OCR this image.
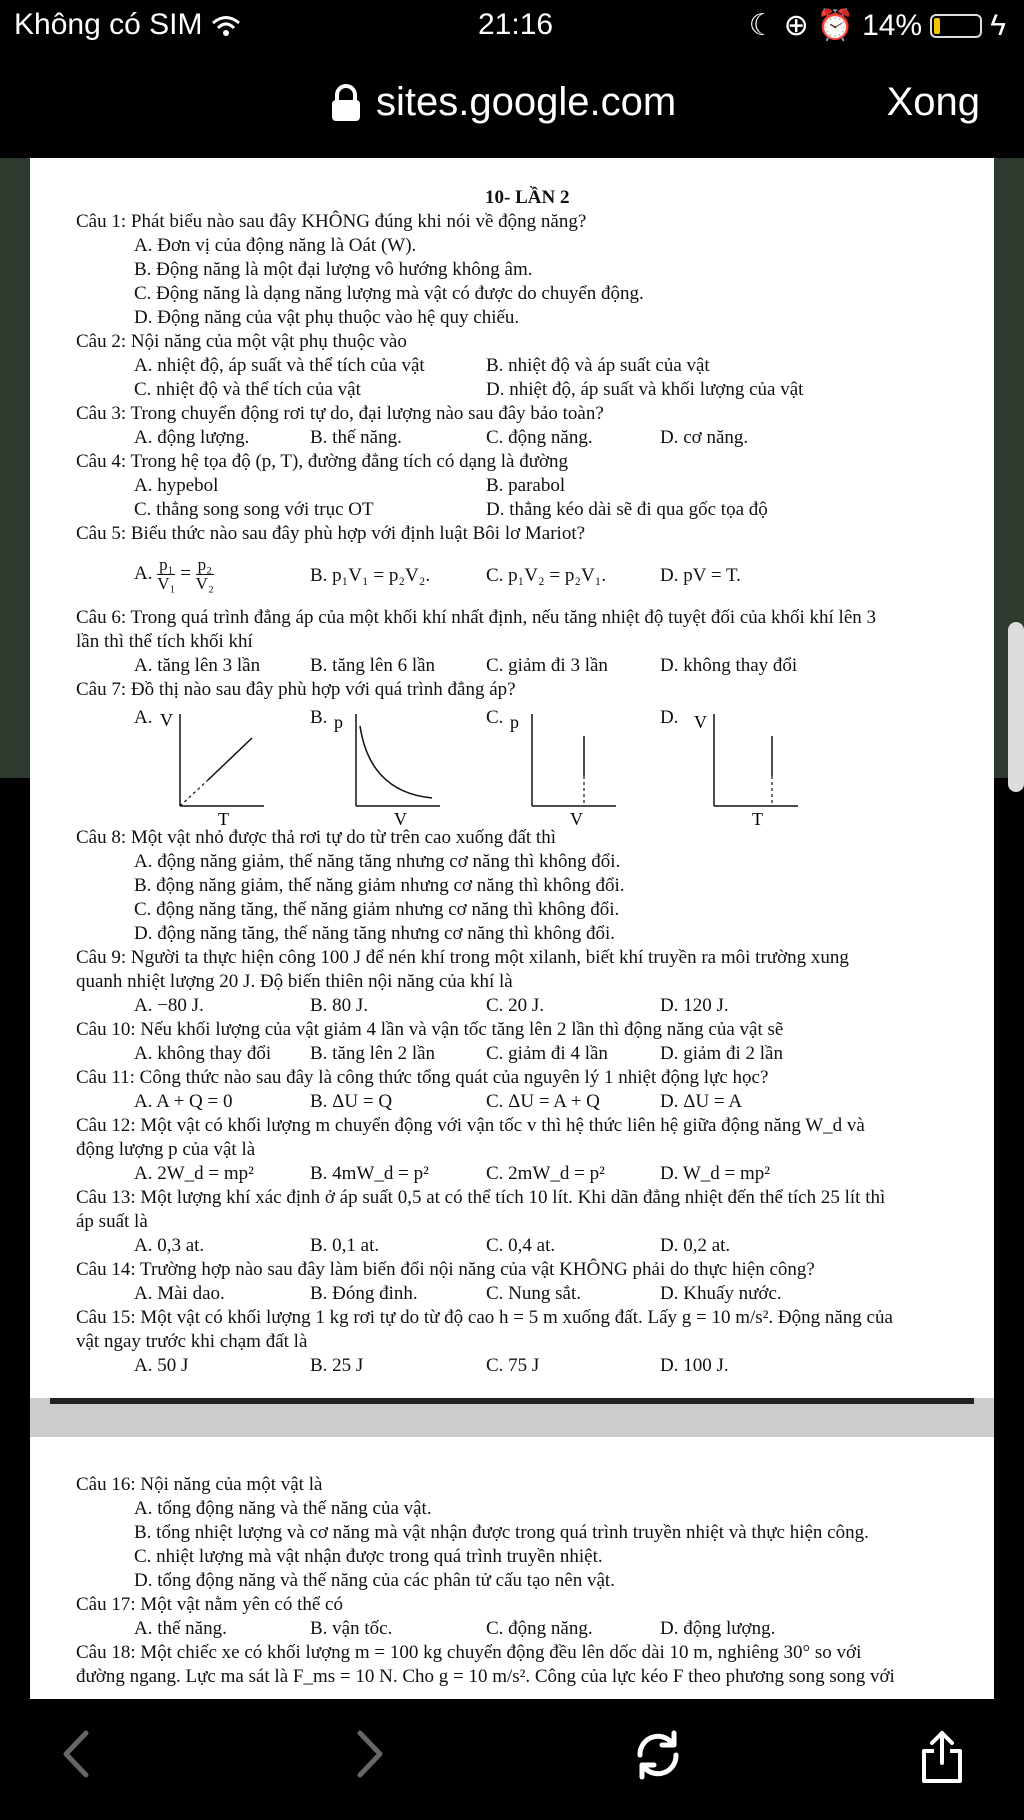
Không có SIM	21:16	☾ ⊕ ⏰ 14% ϟ
sites.google.com	Xong
10- LẦN 2
Câu 1: Phát biểu nào sau đây KHÔNG đúng khi nói về động năng?
A. Đơn vị của động năng là Oát (W).
B. Động năng là một đại lượng vô hướng không âm.
C. Động năng là dạng năng lượng mà vật có được do chuyển động.
D. Động năng của vật phụ thuộc vào hệ quy chiếu.
Câu 2: Nội năng của một vật phụ thuộc vào
A. nhiệt độ, áp suất và thể tích của vật	B. nhiệt độ và áp suất của vật
C. nhiệt độ và thể tích của vật	D. nhiệt độ, áp suất và khối lượng của vật
Câu 3: Trong chuyển động rơi tự do, đại lượng nào sau đây bảo toàn?
A. động lượng.	B. thế năng.	C. động năng.	D. cơ năng.
Câu 4: Trong hệ tọa độ (p, T), đường đẳng tích có dạng là đường
A. hypebol	B. parabol
C. thẳng song song với trục OT	D. thẳng kéo dài sẽ đi qua gốc tọa độ
Câu 5: Biểu thức nào sau đây phù hợp với định luật Bôi lơ Mariot?
A. $\frac{\text{p₁}}{\text{V₁}} = \frac{\text{p₂}}{\text{V₂}}$	B. p₁V₁ = p₂V₂.	C. p₁V₂ = p₂V₁.	D. pV = T.
Câu 6: Trong quá trình đẳng áp của một khối khí nhất định, nếu tăng nhiệt độ tuyệt đối của khối khí lên 3
lần thì thể tích khối khí
A. tăng lên 3 lần	B. tăng lên 6 lần	C. giảm đi 3 lần	D. không thay đổi
Câu 7: Đồ thị nào sau đây phù hợp với quá trình đẳng áp?
A. V
T
B. p
V
C. p
V
D. V
T
Câu 8: Một vật nhỏ được thả rơi tự do từ trên cao xuống đất thì
A. động năng giảm, thế năng tăng nhưng cơ năng thì không đổi.
B. động năng giảm, thế năng giảm nhưng cơ năng thì không đổi.
C. động năng tăng, thế năng giảm nhưng cơ năng thì không đổi.
D. động năng tăng, thế năng tăng nhưng cơ năng thì không đổi.
Câu 9: Người ta thực hiện công 100 J để nén khí trong một xilanh, biết khí truyền ra môi trường xung
quanh nhiệt lượng 20 J. Độ biến thiên nội năng của khí là
A. −80 J.	B. 80 J.	C. 20 J.	D. 120 J.
Câu 10: Nếu khối lượng của vật giảm 4 lần và vận tốc tăng lên 2 lần thì động năng của vật sẽ
A. không thay đổi B. tăng lên 2 lần	C. giảm đi 4 lần	D. giảm đi 2 lần
Câu 11: Công thức nào sau đây là công thức tổng quát của nguyên lý 1 nhiệt động lực học?
A. A + Q = 0	B. ΔU = Q	C. ΔU = A + Q	D. ΔU = A
Câu 12: Một vật có khối lượng m chuyển động với vận tốc v thì hệ thức liên hệ giữa động năng W_d và
động lượng p của vật là
A. 2W_d = mp²	B. 4mW_d = p²	C. 2mW_d = p²	D. W_d = mp²
Câu 13: Một lượng khí xác định ở áp suất 0,5 at có thể tích 10 lít. Khi dãn đẳng nhiệt đến thể tích 25 lít thì
áp suất là
A. 0,3 at.	B. 0,1 at.	C. 0,4 at.	D. 0,2 at.
Câu 14: Trường hợp nào sau đây làm biến đổi nội năng của vật KHÔNG phải do thực hiện công?
A. Mài dao.	B. Đóng đinh.	C. Nung sắt.	D. Khuấy nước.
Câu 15: Một vật có khối lượng 1 kg rơi tự do từ độ cao h = 5 m xuống đất. Lấy g = 10 m/s². Động năng của
vật ngay trước khi chạm đất là
A. 50 J	B. 25 J	C. 75 J	D. 100 J.
Câu 16: Nội năng của một vật là
A. tổng động năng và thế năng của vật.
B. tổng nhiệt lượng và cơ năng mà vật nhận được trong quá trình truyền nhiệt và thực hiện công.
C. nhiệt lượng mà vật nhận được trong quá trình truyền nhiệt.
D. tổng động năng và thế năng của các phân tử cấu tạo nên vật.
Câu 17: Một vật nằm yên có thể có
A. thế năng.	B. vận tốc.	C. động năng.	D. động lượng.
Câu 18: Một chiếc xe có khối lượng m = 100 kg chuyển động đều lên dốc dài 10 m, nghiêng 30° so với
đường ngang. Lực ma sát là F_ms = 10 N. Cho g = 10 m/s². Công của lực kéo F theo phương song song với
